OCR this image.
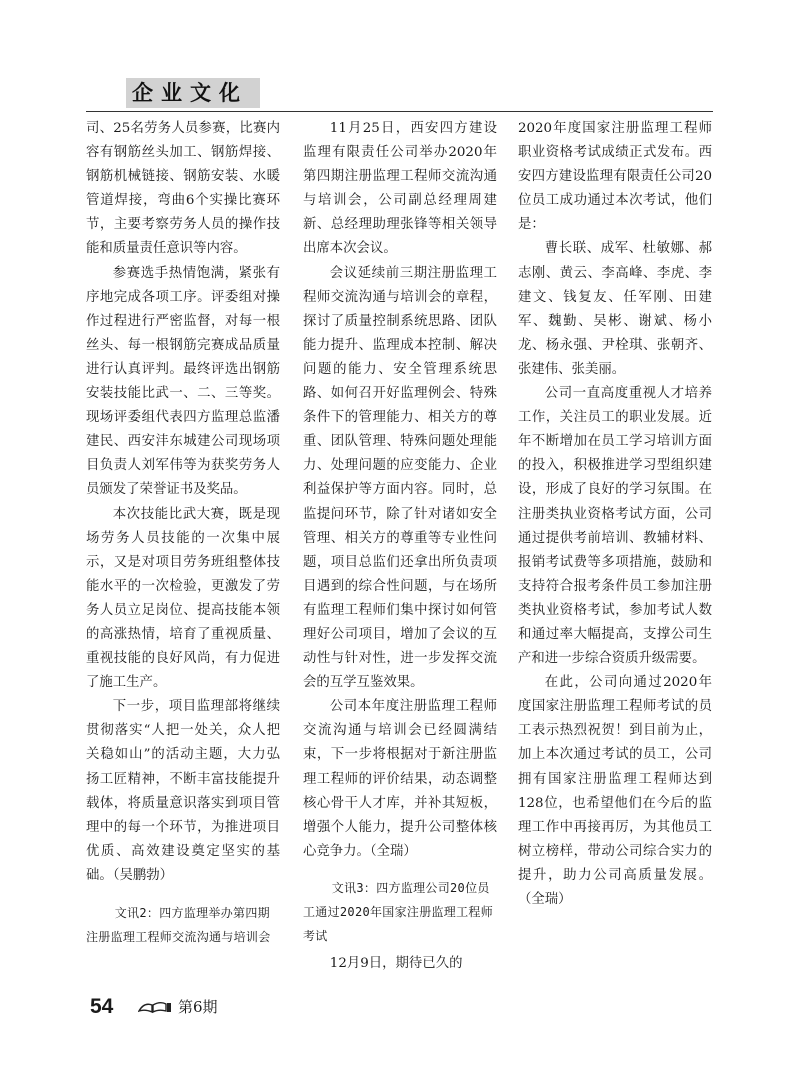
企业文化

司、25名劳务人员参赛，比赛内容有钢筋丝头加工、钢筋焊接、钢筋机械链接、钢筋安装、水暖管道焊接，弯曲6个实操比赛环节，主要考察劳务人员的操作技能和质量责任意识等内容。

参赛选手热情饱满，紧张有序地完成各项工序。评委组对操作过程进行严密监督，对每一根丝头、每一根钢筋完赛成品质量进行认真评判。最终评选出钢筋安装技能比武一、二、三等奖。现场评委组代表四方监理总监潘建民、西安沣东城建公司现场项目负责人刘军伟等为获奖劳务人员颁发了荣誉证书及奖品。

本次技能比武大赛，既是现场劳务人员技能的一次集中展示，又是对项目劳务班组整体技能水平的一次检验，更激发了劳务人员立足岗位、提高技能本领的高涨热情，培育了重视质量、重视技能的良好风尚，有力促进了施工生产。

下一步，项目监理部将继续贯彻落实“人把一处关，众人把关稳如山”的活动主题，大力弘扬工匠精神，不断丰富技能提升载体，将质量意识落实到项目管理中的每一个环节，为推进项目优质、高效建设奠定坚实的基础。（吴鹏勃）

11月25日，西安四方建设监理有限责任公司举办2020年第四期注册监理工程师交流沟通与培训会，公司副总经理周建新、总经理助理张锋等相关领导出席本次会议。

会议延续前三期注册监理工程师交流沟通与培训会的章程，探讨了质量控制系统思路、团队能力提升、监理成本控制、解决问题的能力、安全管理系统思路、如何召开好监理例会、特殊条件下的管理能力、相关方的尊重、团队管理、特殊问题处理能力、处理问题的应变能力、企业利益保护等方面内容。同时，总监提问环节，除了针对诸如安全管理、相关方的尊重等专业性问题，项目总监们还拿出所负责项目遇到的综合性问题，与在场所有监理工程师们集中探讨如何管理好公司项目，增加了会议的互动性与针对性，进一步发挥交流会的互学互鉴效果。

公司本年度注册监理工程师交流沟通与培训会已经圆满结束，下一步将根据对于新注册监理工程师的评价结果，动态调整核心骨干人才库，并补其短板，增强个人能力，提升公司整体核心竞争力。（全瑞）

2020年度国家注册监理工程师职业资格考试成绩正式发布。西安四方建设监理有限责任公司20位员工成功通过本次考试，他们是：

曹长联、成军、杜敏娜、郝志刚、黄云、李高峰、李虎、李建文、钱复友、任军刚、田建军、魏勤、吴彬、谢斌、杨小龙、杨永强、尹栓琪、张朝齐、张建伟、张美丽。

公司一直高度重视人才培养工作，关注员工的职业发展。近年不断增加在员工学习培训方面的投入，积极推进学习型组织建设，形成了良好的学习氛围。在注册类执业资格考试方面，公司通过提供考前培训、教辅材料、报销考试费等多项措施，鼓励和支持符合报考条件员工参加注册类执业资格考试，参加考试人数和通过率大幅提高，支撑公司生产和进一步综合资质升级需要。

在此，公司向通过2020年度国家注册监理工程师考试的员工表示热烈祝贺！到目前为止，加上本次通过考试的员工，公司拥有国家注册监理工程师达到128位，也希望他们在今后的监理工作中再接再厉，为其他员工树立榜样，带动公司综合实力的提升，助力公司高质量发展。（全瑞）

文讯2：四方监理举办第四期注册监理工程师交流沟通与培训会

文讯3：四方监理公司20位员工通过2020年国家注册监理工程师考试

12月9日，期待已久的

54	第6期
